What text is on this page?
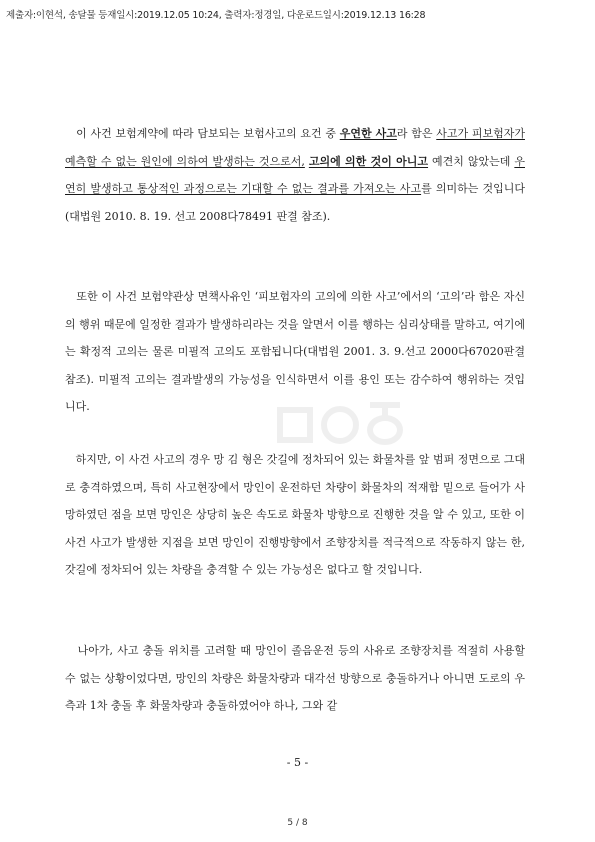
제출자:이현석, 송달물 등재일시:2019.12.05 10:24, 출력자:정경일, 다운로드일시:2019.12.13 16:28

이 사건 보험계약에 따라 담보되는 보험사고의 요건 중 우연한 사고라 함은 사고가 피보험자가 예측할 수 없는 원인에 의하여 발생하는 것으로서, 고의에 의한 것이 아니고 예견치 않았는데 우연히 발생하고 통상적인 과정으로는 기대할 수 없는 결과를 가져오는 사고를 의미하는 것입니다(대법원 2010. 8. 19. 선고 2008다78491 판결 참조).

또한 이 사건 보험약관상 면책사유인 ‘피보험자의 고의에 의한 사고’에서의 ‘고의’라 함은 자신의 행위 때문에 일정한 결과가 발생하리라는 것을 알면서 이를 행하는 심리상태를 말하고, 여기에는 확정적 고의는 물론 미필적 고의도 포함됩니다(대법원 2001. 3. 9.선고 2000다67020판결 참조). 미필적 고의는 결과발생의 가능성을 인식하면서 이를 용인 또는 감수하여 행위하는 것입니다.

하지만, 이 사건 사고의 경우 망 김 형은 갓길에 정차되어 있는 화물차를 앞 범퍼 정면으로 그대로 충격하였으며, 특히 사고현장에서 망인이 운전하던 차량이 화물차의 적재함 밑으로 들어가 사망하였던 점을 보면 망인은 상당히 높은 속도로 화물차 방향으로 진행한 것을 알 수 있고, 또한 이 사건 사고가 발생한 지점을 보면 망인이 진행방향에서 조향장치를 적극적으로 작동하지 않는 한, 갓길에 정차되어 있는 차량을 충격할 수 있는 가능성은 없다고 할 것입니다.

나아가, 사고 충돌 위치를 고려할 때 망인이 졸음운전 등의 사유로 조향장치를 적절히 사용할 수 없는 상황이었다면, 망인의 차량은 화물차량과 대각선 방향으로 충돌하거나 아니면 도로의 우측과 1차 충돌 후 화물차량과 충돌하였어야 하나, 그와 같

- 5 -
5 / 8
